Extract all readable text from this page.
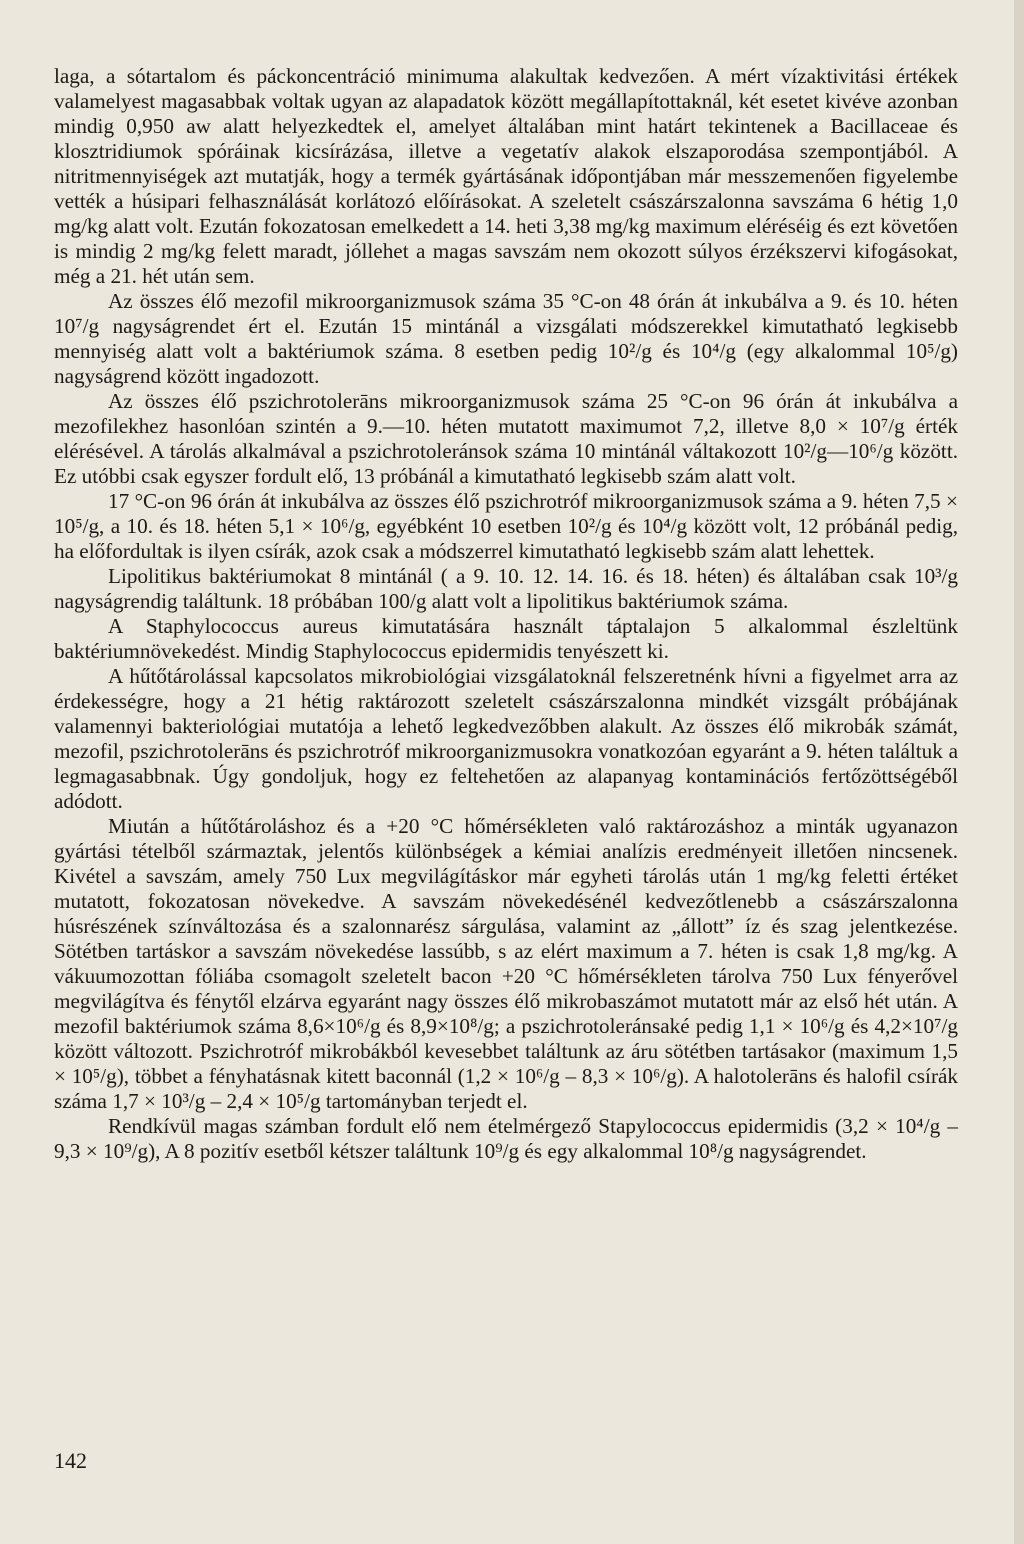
laga, a sótartalom és páckoncentráció minimuma alakultak kedvezően. A mért vízaktivitási értékek valamelyest magasabbak voltak ugyan az alapadatok között megállapítottaknál, két esetet kivéve azonban mindig 0,950 aw alatt helyezkedtek el, amelyet általában mint határt tekintenek a Bacillaceae és klosztridiumok spóráinak kicsírázása, illetve a vegetatív alakok elszaporodása szempontjából. A nitritmennyiségek azt mutatják, hogy a termék gyártásának időpontjában már messzemenően figyelembe vették a húsipari felhasználását korlátozó előírásokat. A szeletelt császárszalonna savszáma 6 hétig 1,0 mg/kg alatt volt. Ezután fokozatosan emelkedett a 14. heti 3,38 mg/kg maximum eléréséig és ezt követően is mindig 2 mg/kg felett maradt, jóllehet a magas savszám nem okozott súlyos érzékszervi kifogásokat, még a 21. hét után sem.

Az összes élő mezofil mikroorganizmusok száma 35 °C-on 48 órán át inkubálva a 9. és 10. héten 10⁷/g nagyságrendet ért el. Ezután 15 mintánál a vizsgálati módszerekkel kimutatható legkisebb mennyiség alatt volt a baktériumok száma. 8 esetben pedig 10²/g és 10⁴/g (egy alkalommal 10⁵/g) nagyságrend között ingadozott.

Az összes élő pszichrotolerāns mikroorganizmusok száma 25 °C-on 96 órán át inkubálva a mezofilekhez hasonlóan szintén a 9.—10. héten mutatott maximumot 7,2, illetve 8,0 × 10⁷/g érték elérésével. A tárolás alkalmával a pszichrotoleránsok száma 10 mintánál váltakozott 10²/g—10⁶/g között. Ez utóbbi csak egyszer fordult elő, 13 próbánál a kimutatható legkisebb szám alatt volt.

17 °C-on 96 órán át inkubálva az összes élő pszichrotróf mikroorganizmusok száma a 9. héten 7,5 × 10⁵/g, a 10. és 18. héten 5,1 × 10⁶/g, egyébként 10 esetben 10²/g és 10⁴/g között volt, 12 próbánál pedig, ha előfordultak is ilyen csírák, azok csak a módszerrel kimutatható legkisebb szám alatt lehettek.

Lipolitikus baktériumokat 8 mintánál ( a 9. 10. 12. 14. 16. és 18. héten) és általában csak 10³/g nagyságrendig találtunk. 18 próbában 100/g alatt volt a lipolitikus baktériumok száma.

A Staphylococcus aureus kimutatására használt táptalajon 5 alkalommal észleltünk baktériumnövekedést. Mindig Staphylococcus epidermidis tenyészett ki.

A hűtőtárolással kapcsolatos mikrobiológiai vizsgálatoknál felszeretnénk hívni a figyelmet arra az érdekességre, hogy a 21 hétig raktározott szeletelt császárszalonna mindkét vizsgált próbájának valamennyi bakteriológiai mutatója a lehető legkedvezőbben alakult. Az összes élő mikrobák számát, mezofil, pszichrotolerāns és pszichrotróf mikroorganizmusokra vonatkozóan egyaránt a 9. héten találtuk a legmagasabbnak. Úgy gondoljuk, hogy ez feltehetően az alapanyag kontaminációs fertőzöttségéből adódott.

Miután a hűtőtároláshoz és a +20 °C hőmérsékleten való raktározáshoz a minták ugyanazon gyártási tételből származtak, jelentős különbségek a kémiai analízis eredményeit illetően nincsenek. Kivétel a savszám, amely 750 Lux megvilágításkor már egyheti tárolás után 1 mg/kg feletti értéket mutatott, fokozatosan növekedve. A savszám növekedésénél kedvezőtlenebb a császárszalonna húsrészének színváltozása és a szalonnarész sárgulása, valamint az „állott” íz és szag jelentkezése. Sötétben tartáskor a savszám növekedése lassúbb, s az elért maximum a 7. héten is csak 1,8 mg/kg. A vákuumozottan fóliába csomagolt szeletelt bacon +20 °C hőmérsékleten tárolva 750 Lux fényerővel megvilágítva és fénytől elzárva egyaránt nagy összes élő mikrobaszámot mutatott már az első hét után. A mezofil baktériumok száma 8,6×10⁶/g és 8,9×10⁸/g; a pszichrotoleránsaké pedig 1,1 × 10⁶/g és 4,2×10⁷/g között változott. Pszichrotróf mikrobákból kevesebbet találtunk az áru sötétben tartásakor (maximum 1,5 × 10⁵/g), többet a fényhatásnak kitett baconnál (1,2 × 10⁶/g – 8,3 × 10⁶/g). A halotolerāns és halofil csírák száma 1,7 × 10³/g – 2,4 × 10⁵/g tartományban terjedt el.

Rendkívül magas számban fordult elő nem ételmérgező Stapylococcus epidermidis (3,2 × 10⁴/g – 9,3 × 10⁹/g), A 8 pozitív esetből kétszer találtunk 10⁹/g és egy alkalommal 10⁸/g nagyságrendet.

142
